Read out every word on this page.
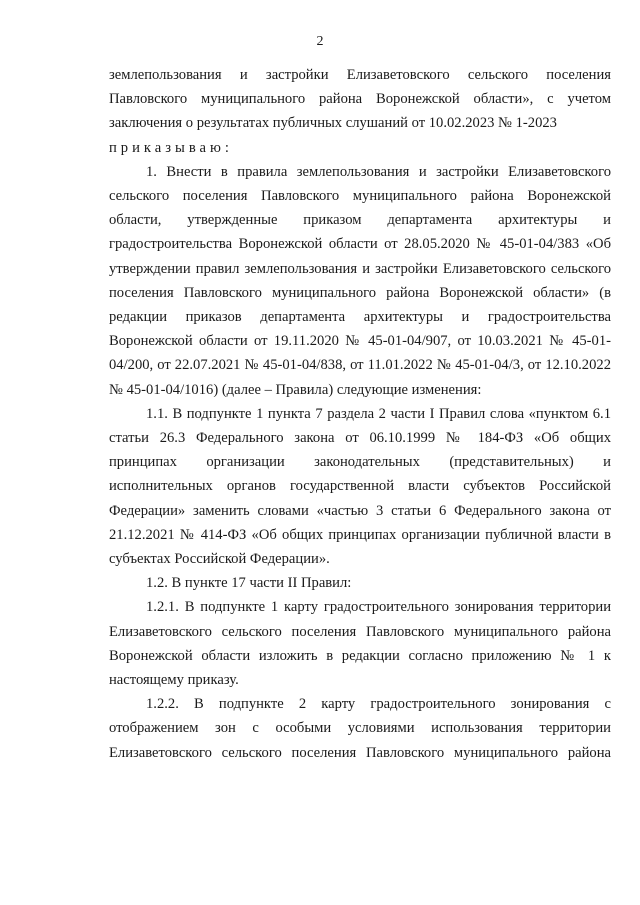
2

землепользования и застройки Елизаветовского сельского поселения Павловского муниципального района Воронежской области», с учетом заключения о результатах публичных слушаний от 10.02.2023 № 1-2023

приказываю:

1. Внести в правила землепользования и застройки Елизаветовского сельского поселения Павловского муниципального района Воронежской области, утвержденные приказом департамента архитектуры и градостроительства Воронежской области от 28.05.2020 № 45-01-04/383 «Об утверждении правил землепользования и застройки Елизаветовского сельского поселения Павловского муниципального района Воронежской области» (в редакции приказов департамента архитектуры и градостроительства Воронежской области от 19.11.2020 № 45-01-04/907, от 10.03.2021 № 45-01-04/200, от 22.07.2021 № 45-01-04/838, от 11.01.2022 № 45-01-04/3, от 12.10.2022 № 45-01-04/1016) (далее – Правила) следующие изменения:

1.1. В подпункте 1 пункта 7 раздела 2 части I Правил слова «пунктом 6.1 статьи 26.3 Федерального закона от 06.10.1999 № 184-ФЗ «Об общих принципах организации законодательных (представительных) и исполнительных органов государственной власти субъектов Российской Федерации» заменить словами «частью 3 статьи 6 Федерального закона от 21.12.2021 № 414-ФЗ «Об общих принципах организации публичной власти в субъектах Российской Федерации».

1.2. В пункте 17 части II Правил:

1.2.1. В подпункте 1 карту градостроительного зонирования территории Елизаветовского сельского поселения Павловского муниципального района Воронежской области изложить в редакции согласно приложению № 1 к настоящему приказу.

1.2.2. В подпункте 2 карту градостроительного зонирования с отображением зон с особыми условиями использования территории Елизаветовского сельского поселения Павловского муниципального района
